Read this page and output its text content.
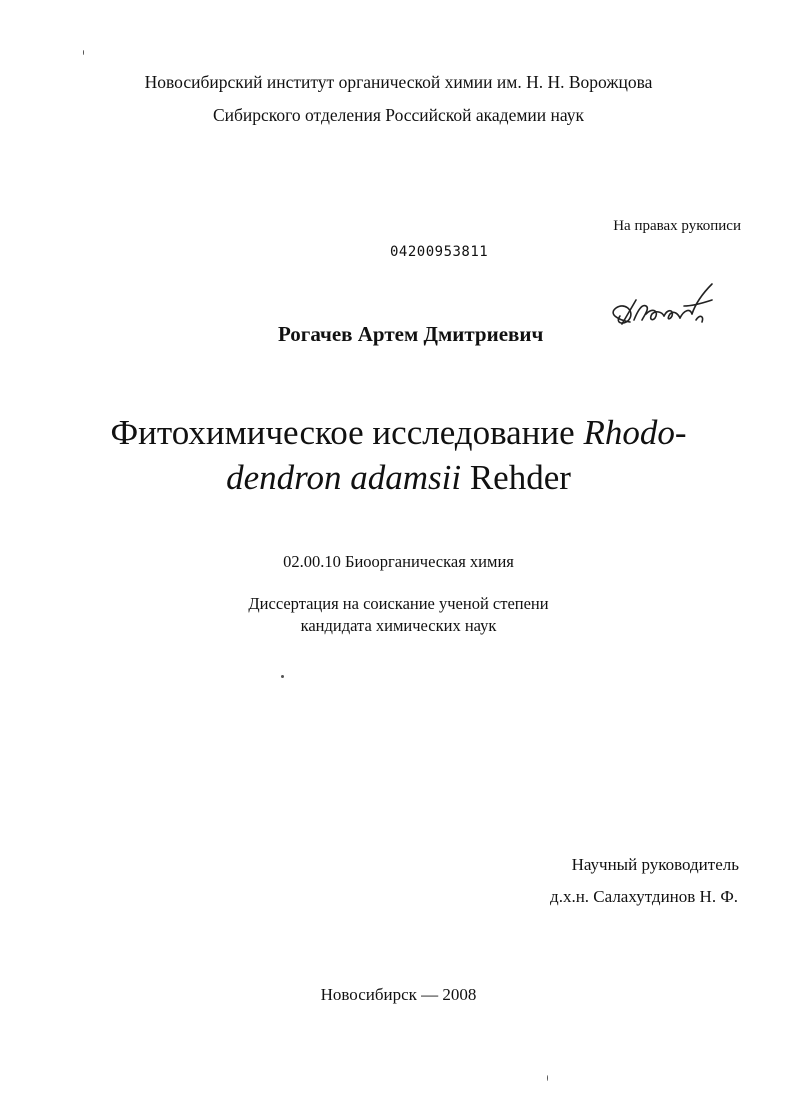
Новосибирский институт органической химии им. Н. Н. Ворожцова
Сибирского отделения Российской академии наук
На правах рукописи
04200953811
Рогачев Артем Дмитриевич
Фитохимическое исследование Rhodo-
dendron adamsii Rehder
02.00.10 Биоорганическая химия
Диссертация на соискание ученой степени
кандидата химических наук
Научный руководитель
д.х.н. Салахутдинов Н. Ф.
Новосибирск — 2008
